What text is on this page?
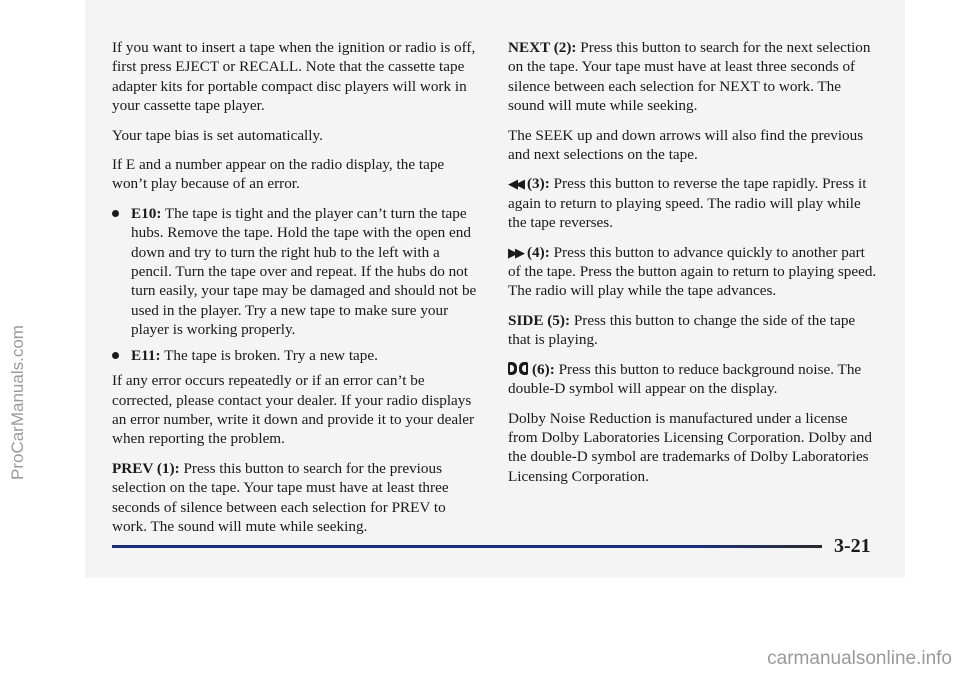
If you want to insert a tape when the ignition or radio is off, first press EJECT or RECALL. Note that the cassette tape adapter kits for portable compact disc players will work in your cassette tape player.

Your tape bias is set automatically.

If E and a number appear on the radio display, the tape won’t play because of an error.

E10: The tape is tight and the player can’t turn the tape hubs. Remove the tape. Hold the tape with the open end down and try to turn the right hub to the left with a pencil. Turn the tape over and repeat. If the hubs do not turn easily, your tape may be damaged and should not be used in the player. Try a new tape to make sure your player is working properly.
E11: The tape is broken. Try a new tape.

If any error occurs repeatedly or if an error can’t be corrected, please contact your dealer. If your radio displays an error number, write it down and provide it to your dealer when reporting the problem.

PREV (1): Press this button to search for the previous selection on the tape. Your tape must have at least three seconds of silence between each selection for PREV to work. The sound will mute while seeking.

NEXT (2): Press this button to search for the next selection on the tape. Your tape must have at least three seconds of silence between each selection for NEXT to work. The sound will mute while seeking.

The SEEK up and down arrows will also find the previous and next selections on the tape.

◀◀ (3): Press this button to reverse the tape rapidly. Press it again to return to playing speed. The radio will play while the tape reverses.

▶▶ (4): Press this button to advance quickly to another part of the tape. Press the button again to return to playing speed. The radio will play while the tape advances.

SIDE (5): Press this button to change the side of the tape that is playing.

(6): Press this button to reduce background noise. The double-D symbol will appear on the display.

Dolby Noise Reduction is manufactured under a license from Dolby Laboratories Licensing Corporation. Dolby and the double-D symbol are trademarks of Dolby Laboratories Licensing Corporation.

3-21
ProCarManuals.com
carmanualsonline.info
